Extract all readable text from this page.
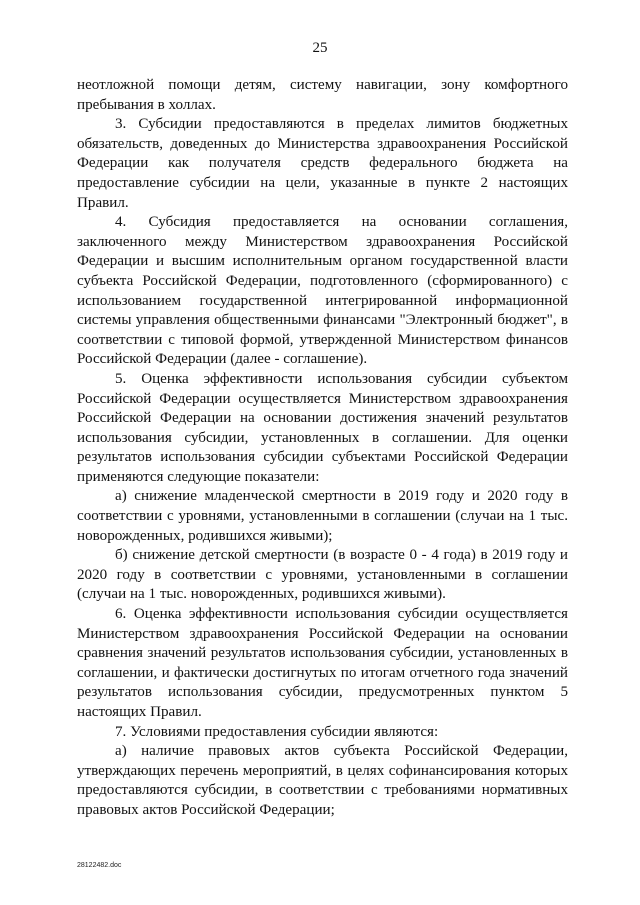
25

неотложной помощи детям, систему навигации, зону комфортного пребывания в холлах.

3. Субсидии предоставляются в пределах лимитов бюджетных обязательств, доведенных до Министерства здравоохранения Российской Федерации как получателя средств федерального бюджета на предоставление субсидии на цели, указанные в пункте 2 настоящих Правил.

4. Субсидия предоставляется на основании соглашения, заключенного между Министерством здравоохранения Российской Федерации и высшим исполнительным органом государственной власти субъекта Российской Федерации, подготовленного (сформированного) с использованием государственной интегрированной информационной системы управления общественными финансами "Электронный бюджет", в соответствии с типовой формой, утвержденной Министерством финансов Российской Федерации (далее - соглашение).

5. Оценка эффективности использования субсидии субъектом Российской Федерации осуществляется Министерством здравоохранения Российской Федерации на основании достижения значений результатов использования субсидии, установленных в соглашении. Для оценки результатов использования субсидии субъектами Российской Федерации применяются следующие показатели:

а) снижение младенческой смертности в 2019 году и 2020 году в соответствии с уровнями, установленными в соглашении (случаи на 1 тыс. новорожденных, родившихся живыми);

б) снижение детской смертности (в возрасте 0 - 4 года) в 2019 году и 2020 году в соответствии с уровнями, установленными в соглашении (случаи на 1 тыс. новорожденных, родившихся живыми).

6. Оценка эффективности использования субсидии осуществляется Министерством здравоохранения Российской Федерации на основании сравнения значений результатов использования субсидии, установленных в соглашении, и фактически достигнутых по итогам отчетного года значений результатов использования субсидии, предусмотренных пунктом 5 настоящих Правил.

7. Условиями предоставления субсидии являются:

а) наличие правовых актов субъекта Российской Федерации, утверждающих перечень мероприятий, в целях софинансирования которых предоставляются субсидии, в соответствии с требованиями нормативных правовых актов Российской Федерации;

28122482.doc
